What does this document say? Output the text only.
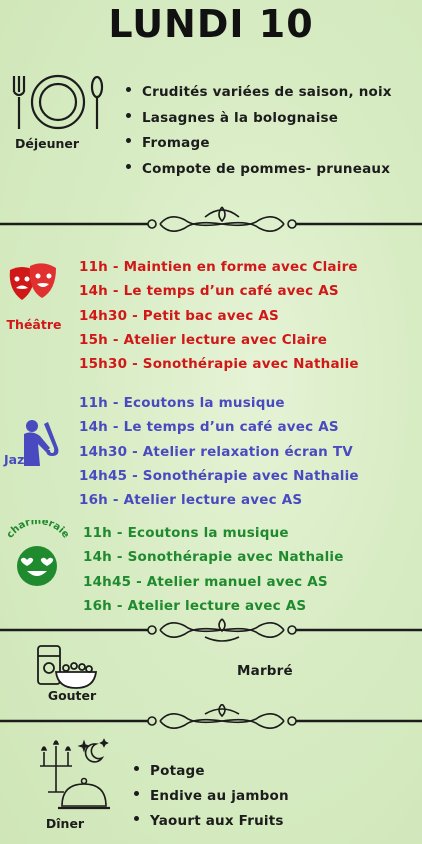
LUNDI 10
Déjeuner
Crudités variées de saison, noix
Lasagnes à la bolognaise
Fromage
Compote de pommes- pruneaux
Théâtre
11h - Maintien en forme avec Claire
14h - Le temps d’un café avec AS
14h30 - Petit bac avec AS
15h - Atelier lecture avec Claire
15h30 - Sonothérapie avec Nathalie
Jazz
11h - Ecoutons la musique
14h - Le temps d’un café avec AS
14h30 - Atelier relaxation écran TV
14h45 - Sonothérapie avec Nathalie
16h - Atelier lecture avec AS
charmeraie 11h - Ecoutons la musique
14h - Sonothérapie avec Nathalie
14h45 - Atelier manuel avec AS
16h - Atelier lecture avec AS
Gouter
Marbré
Dîner
Potage
Endive au jambon
Yaourt aux Fruits
